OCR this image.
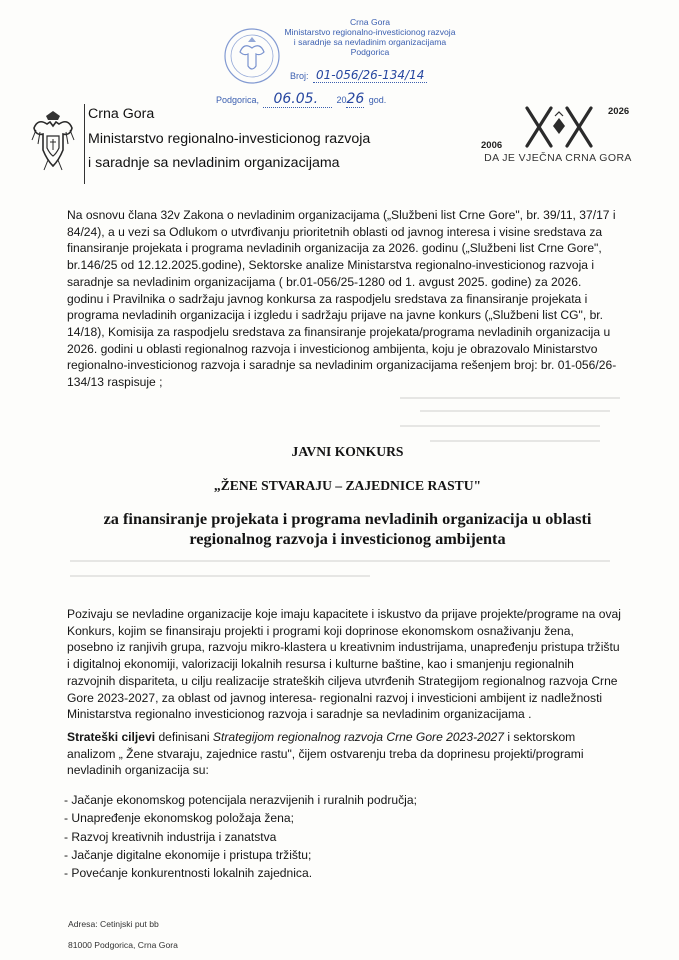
Crna Gora
Ministarstvo regionalno-investicionog razvoja
i saradnje sa nevladinim organizacijama
Podgorica
Broj: 01-056/26-134/14
Podgorica, 06.05. 2026 god.
Crna Gora
Ministarstvo regionalno-investicionog razvoja
i saradnje sa nevladinim organizacijama
2006
2026
DA JE VJEČNA CRNA GORA
Na osnovu člana 32v Zakona o nevladinim organizacijama („Službeni list Crne Gore", br. 39/11, 37/17 i
84/24), a u vezi sa Odlukom o utvrđivanju prioritetnih oblasti od javnog interesa i visine sredstava za
finansiranje projekata i programa nevladinih organizacija za 2026. godinu („Službeni list Crne Gore",
br.146/25 od 12.12.2025.godine), Sektorske analize Ministarstva regionalno-investicionog razvoja i
saradnje sa nevladinim organizacijama ( br.01-056/25-1280 od 1. avgust 2025. godine) za 2026.
godinu i Pravilnika o sadržaju javnog konkursa za raspodjelu sredstava za finansiranje projekata i
programa nevladinih organizacija i izgledu i sadržaju prijave na javne konkurs („Službeni list CG", br.
14/18), Komisija za raspodjelu sredstava za finansiranje projekata/programa nevladinih organizacija u
2026. godini u oblasti regionalnog razvoja i investicionog ambijenta, koju je obrazovalo Ministarstvo
regionalno-investicionog razvoja i saradnje sa nevladinim organizacijama rešenjem broj: br. 01-056/26-
134/13 raspisuje ;
JAVNI KONKURS
„ŽENE STVARAJU – ZAJEDNICE RASTU"
za finansiranje projekata i programa nevladinih organizacija u oblasti
regionalnog razvoja i investicionog ambijenta
Pozivaju se nevladine organizacije koje imaju kapacitete i iskustvo da prijave projekte/programe na ovaj
Konkurs, kojim se finansiraju projekti i programi koji doprinose ekonomskom osnaživanju žena,
posebno iz ranjivih grupa, razvoju mikro-klastera u kreativnim industrijama, unapređenju pristupa tržištu
i digitalnoj ekonomiji, valorizaciji lokalnih resursa i kulturne baštine, kao i smanjenju regionalnih
razvojnih dispariteta, u cilju realizacije strateških ciljeva utvrđenih Strategijom regionalnog razvoja Crne
Gore 2023-2027, za oblast od javnog interesa- regionalni razvoj i investicioni ambijent iz nadležnosti
Ministarstva regionalno investicionog razvoja i saradnje sa nevladinim organizacijama .
Strateški ciljevi definisani Strategijom regionalnog razvoja Crne Gore 2023-2027 i sektorskom
analizom „ Žene stvaraju, zajednice rastu", čijem ostvarenju treba da doprinesu projekti/programi
nevladinih organizacija su:
- Jačanje ekonomskog potencijala nerazvijenih i ruralnih područja;
- Unapređenje ekonomskog položaja žena;
- Razvoj kreativnih industrija i zanatstva
- Jačanje digitalne ekonomije i pristupa tržištu;
- Povećanje konkurentnosti lokalnih zajednica.
Adresa: Cetinjski put bb
81000 Podgorica, Crna Gora
